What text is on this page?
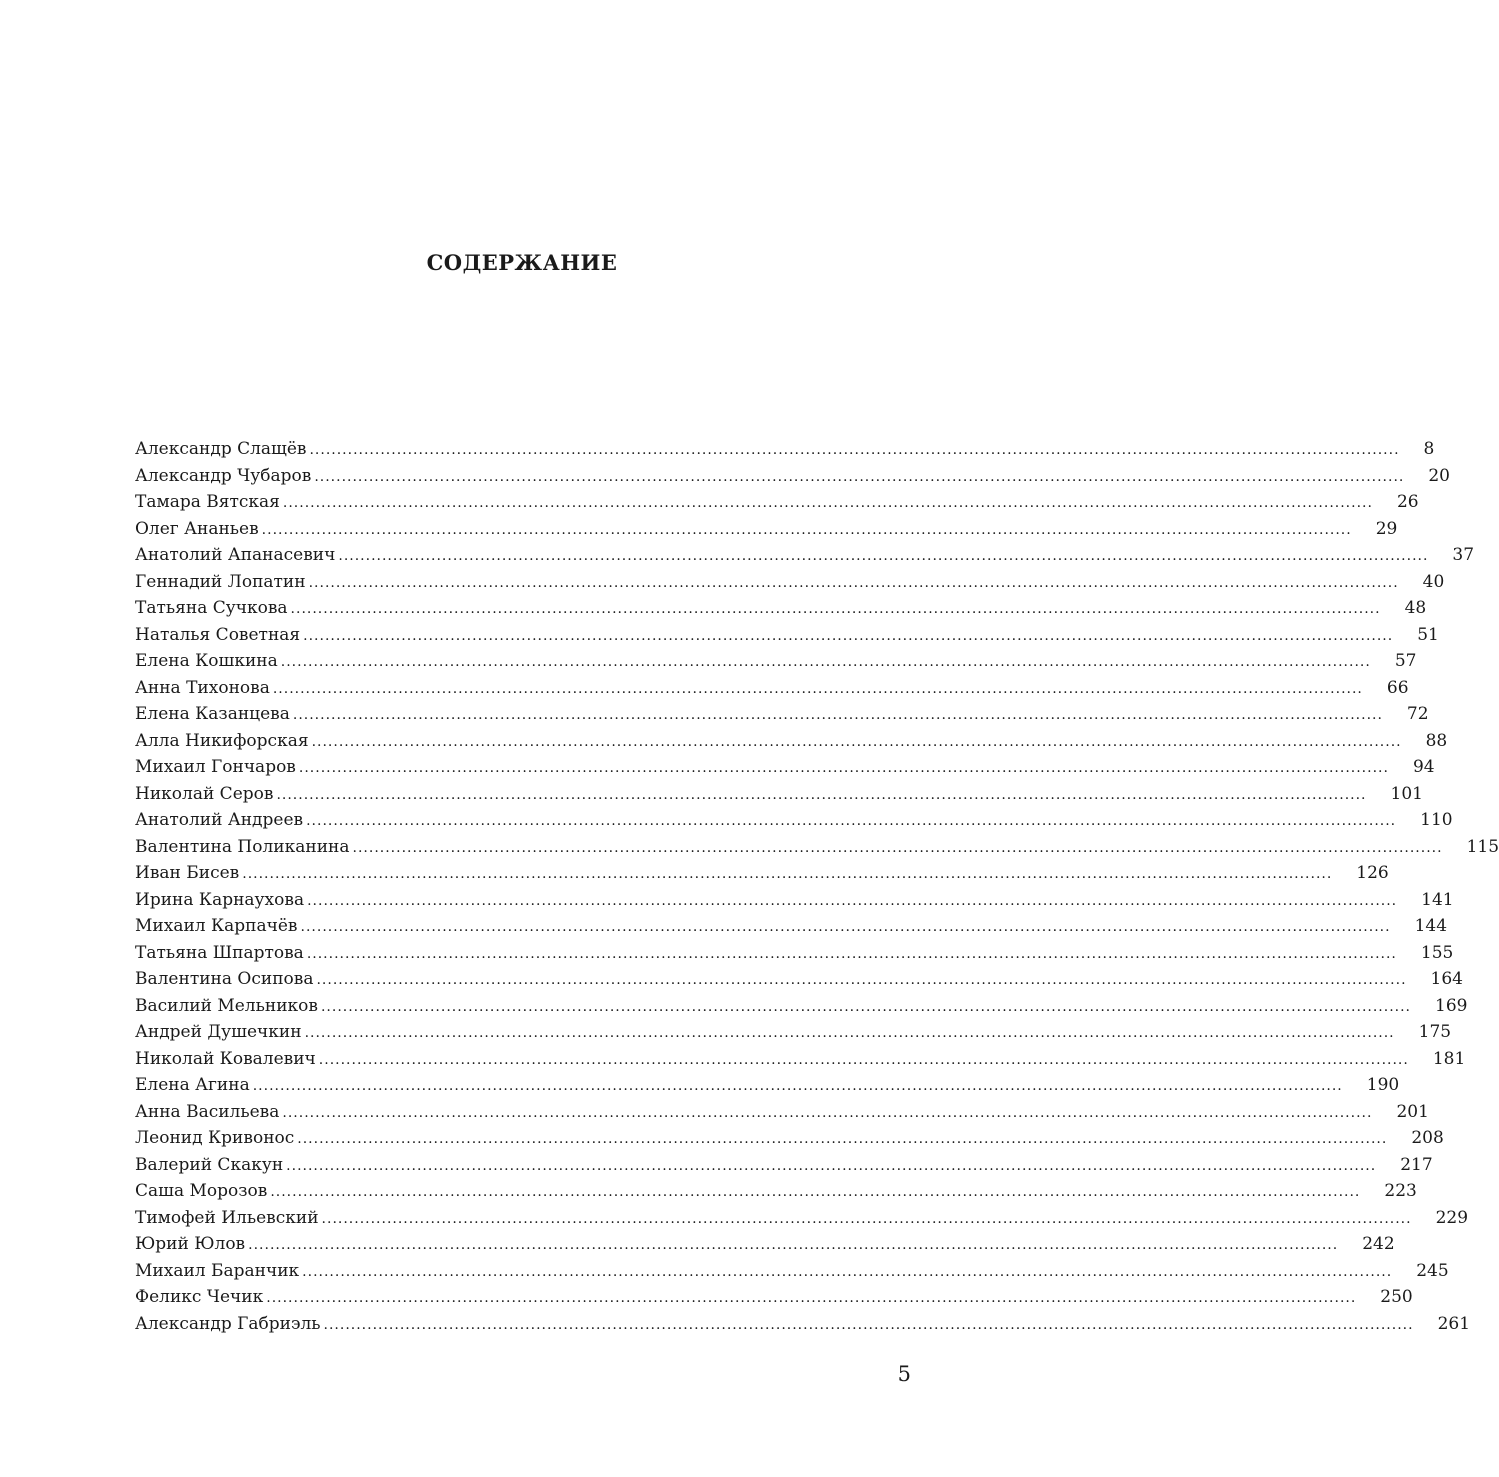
СОДЕРЖАНИЕ
Александр Слащёв ........................................................................................................................................................................................................ 8
Александр Чубаров ........................................................................................................................................................................................................ 20
Тамара Вятская ........................................................................................................................................................................................................ 26
Олег Ананьев ........................................................................................................................................................................................................ 29
Анатолий Апанасевич ........................................................................................................................................................................................................ 37
Геннадий Лопатин ........................................................................................................................................................................................................ 40
Татьяна Сучкова ........................................................................................................................................................................................................ 48
Наталья Советная ........................................................................................................................................................................................................ 51
Елена Кошкина ........................................................................................................................................................................................................ 57
Анна Тихонова ........................................................................................................................................................................................................ 66
Елена Казанцева ........................................................................................................................................................................................................ 72
Алла Никифорская ........................................................................................................................................................................................................ 88
Михаил Гончаров ........................................................................................................................................................................................................ 94
Николай Серов ........................................................................................................................................................................................................ 101
Анатолий Андреев ........................................................................................................................................................................................................ 110
Валентина Поликанина ........................................................................................................................................................................................................ 115
Иван Бисев ........................................................................................................................................................................................................ 126
Ирина Карнаухова ........................................................................................................................................................................................................ 141
Михаил Карпачёв ........................................................................................................................................................................................................ 144
Татьяна Шпартова ........................................................................................................................................................................................................ 155
Валентина Осипова ........................................................................................................................................................................................................ 164
Василий Мельников ........................................................................................................................................................................................................ 169
Андрей Душечкин ........................................................................................................................................................................................................ 175
Николай Ковалевич ........................................................................................................................................................................................................ 181
Елена Агина ........................................................................................................................................................................................................ 190
Анна Васильева ........................................................................................................................................................................................................ 201
Леонид Кривонос ........................................................................................................................................................................................................ 208
Валерий Скакун ........................................................................................................................................................................................................ 217
Саша Морозов ........................................................................................................................................................................................................ 223
Тимофей Ильевский ........................................................................................................................................................................................................ 229
Юрий Юлов ........................................................................................................................................................................................................ 242
Михаил Баранчик ........................................................................................................................................................................................................ 245
Феликс Чечик ........................................................................................................................................................................................................ 250
Александр Габриэль ........................................................................................................................................................................................................ 261
5
